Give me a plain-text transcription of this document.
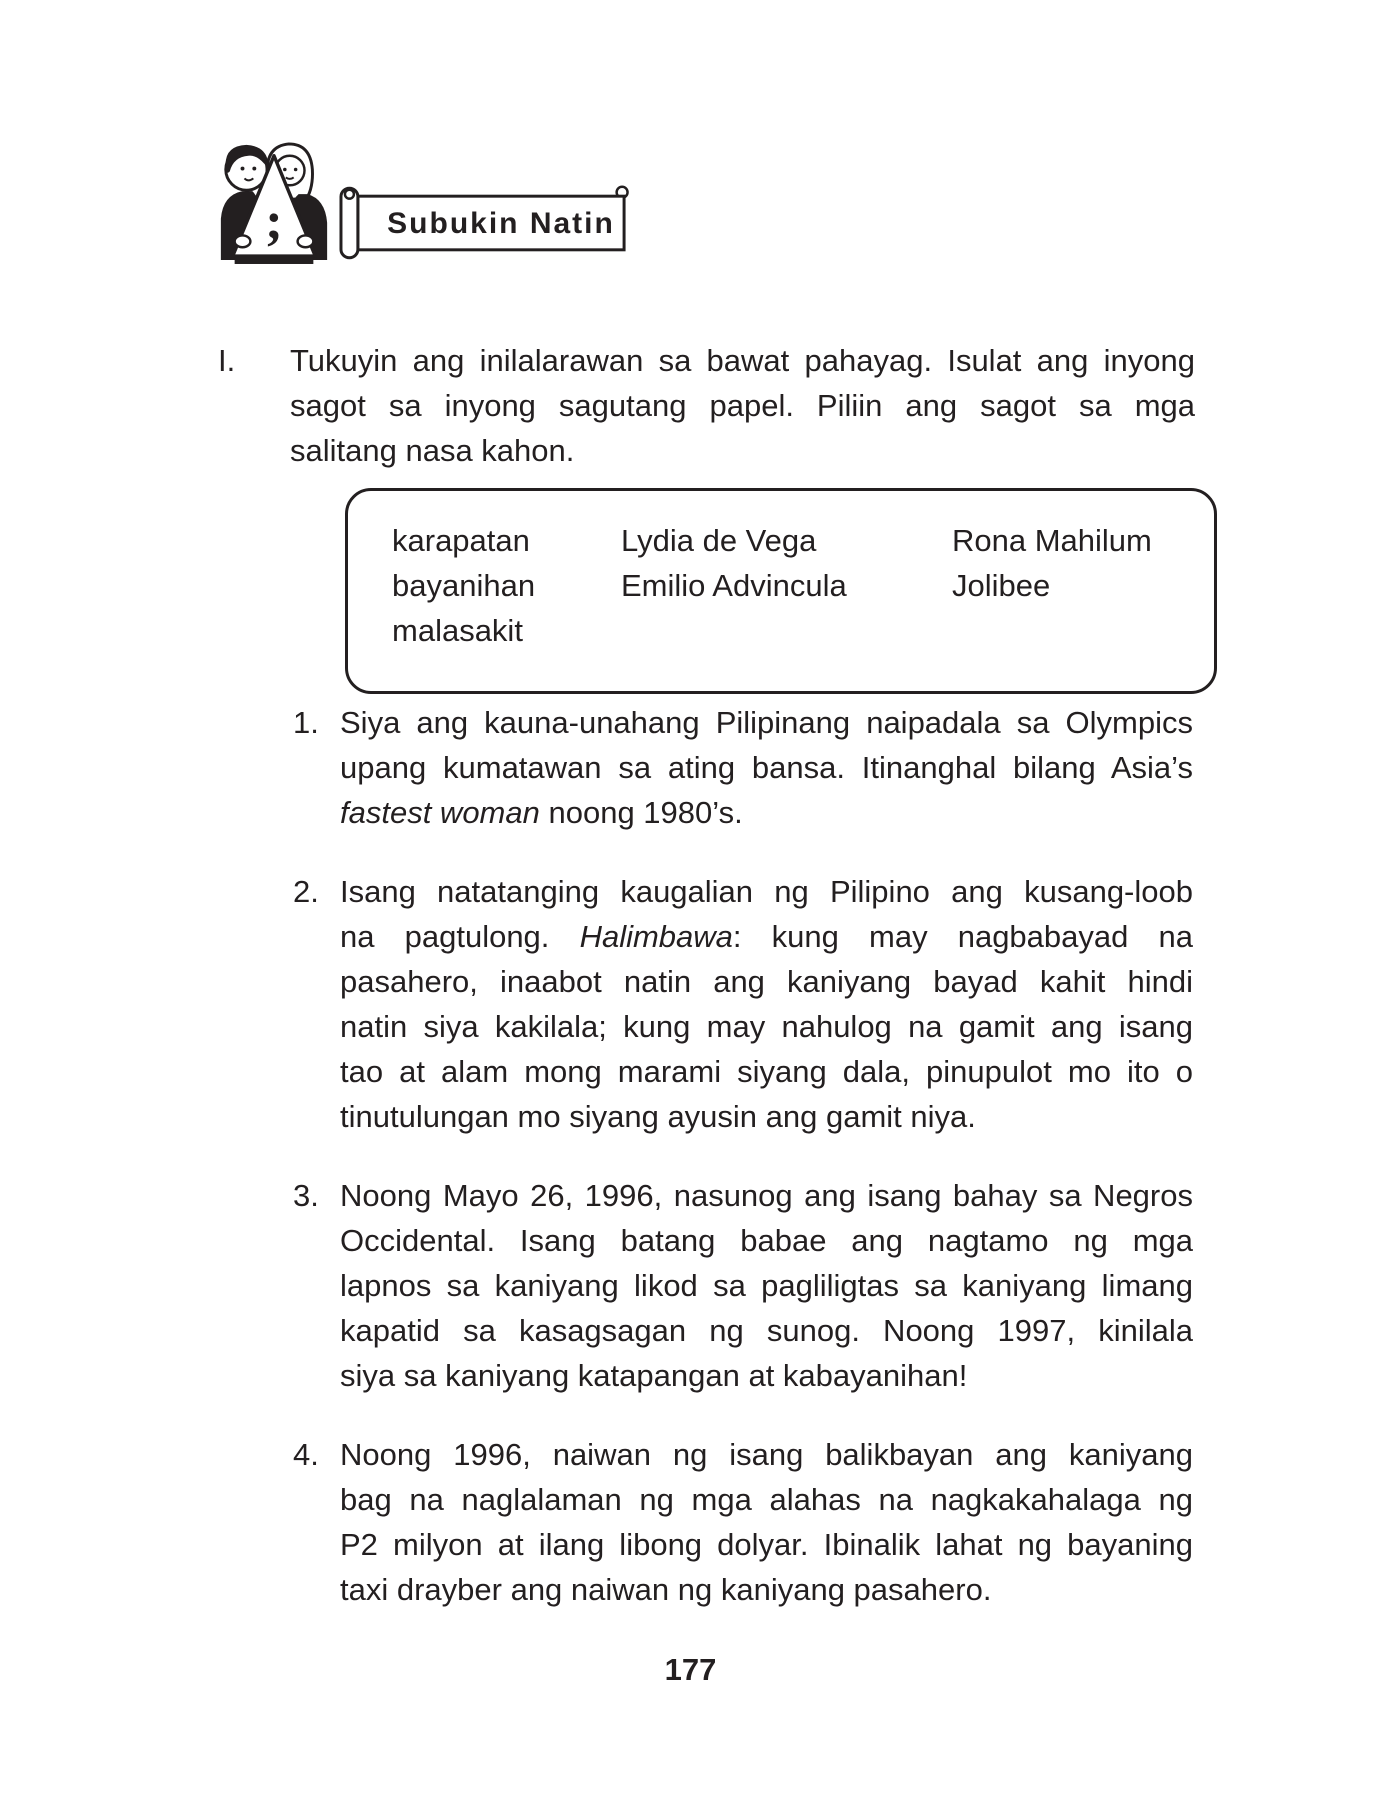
;	Subukin Natin
I.	Tukuyin ang inilalarawan sa bawat pahayag. Isulat ang inyong
sagot sa inyong sagutang papel. Piliin ang sagot sa mga
salitang nasa kahon.
karapatan
bayanihan
malasakit
Lydia de Vega
Emilio Advincula
Rona Mahilum
Jolibee
1. Siya ang kauna-unahang Pilipinang naipadala sa Olympics
upang kumatawan sa ating bansa. Itinanghal bilang Asia’s
fastest woman noong 1980’s.
2. Isang natatanging kaugalian ng Pilipino ang kusang-loob
na pagtulong. Halimbawa: kung may nagbabayad na
pasahero, inaabot natin ang kaniyang bayad kahit hindi
natin siya kakilala; kung may nahulog na gamit ang isang
tao at alam mong marami siyang dala, pinupulot mo ito o
tinutulungan mo siyang ayusin ang gamit niya.
3. Noong Mayo 26, 1996, nasunog ang isang bahay sa Negros
Occidental. Isang batang babae ang nagtamo ng mga
lapnos sa kaniyang likod sa pagliligtas sa kaniyang limang
kapatid sa kasagsagan ng sunog. Noong 1997, kinilala
siya sa kaniyang katapangan at kabayanihan!
4. Noong 1996, naiwan ng isang balikbayan ang kaniyang
bag na naglalaman ng mga alahas na nagkakahalaga ng
P2 milyon at ilang libong dolyar. Ibinalik lahat ng bayaning
taxi drayber ang naiwan ng kaniyang pasahero.
177
